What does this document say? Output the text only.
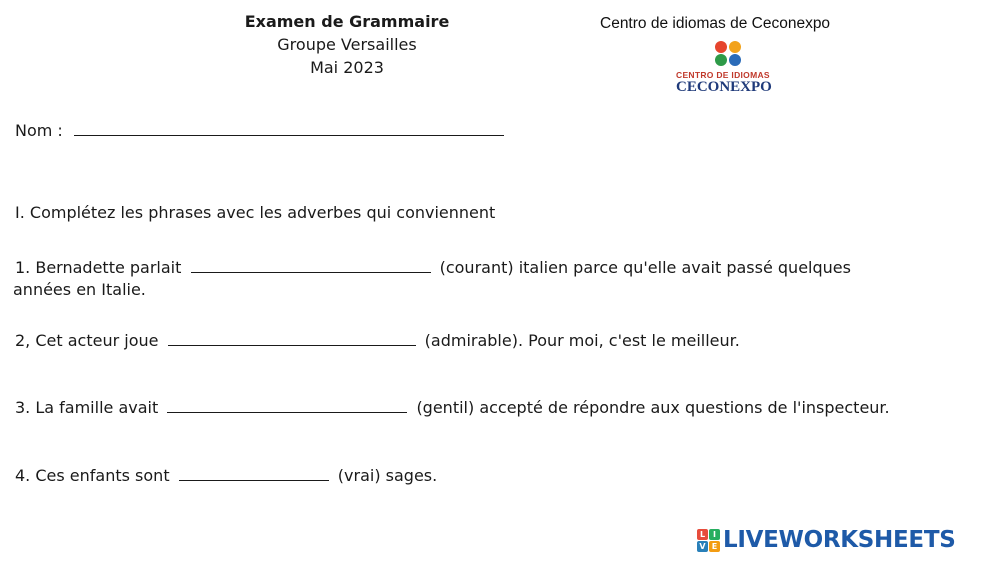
Examen de Grammaire
Groupe Versailles
Mai 2023
Centro de idiomas de Ceconexpo
CENTRO DE IDIOMAS
CECONEXPO
Nom :
I. Complétez les phrases avec les adverbes qui conviennent
1. Bernadette parlait	(courant) italien parce qu'elle avait passé quelques
années en Italie.
2, Cet acteur joue	(admirable). Pour moi, c'est le meilleur.
3. La famille avait	(gentil) accepté de répondre aux questions de l'inspecteur.
4. Ces enfants sont	(vrai) sages.
L I
V E LIVEWORKSHEETS
